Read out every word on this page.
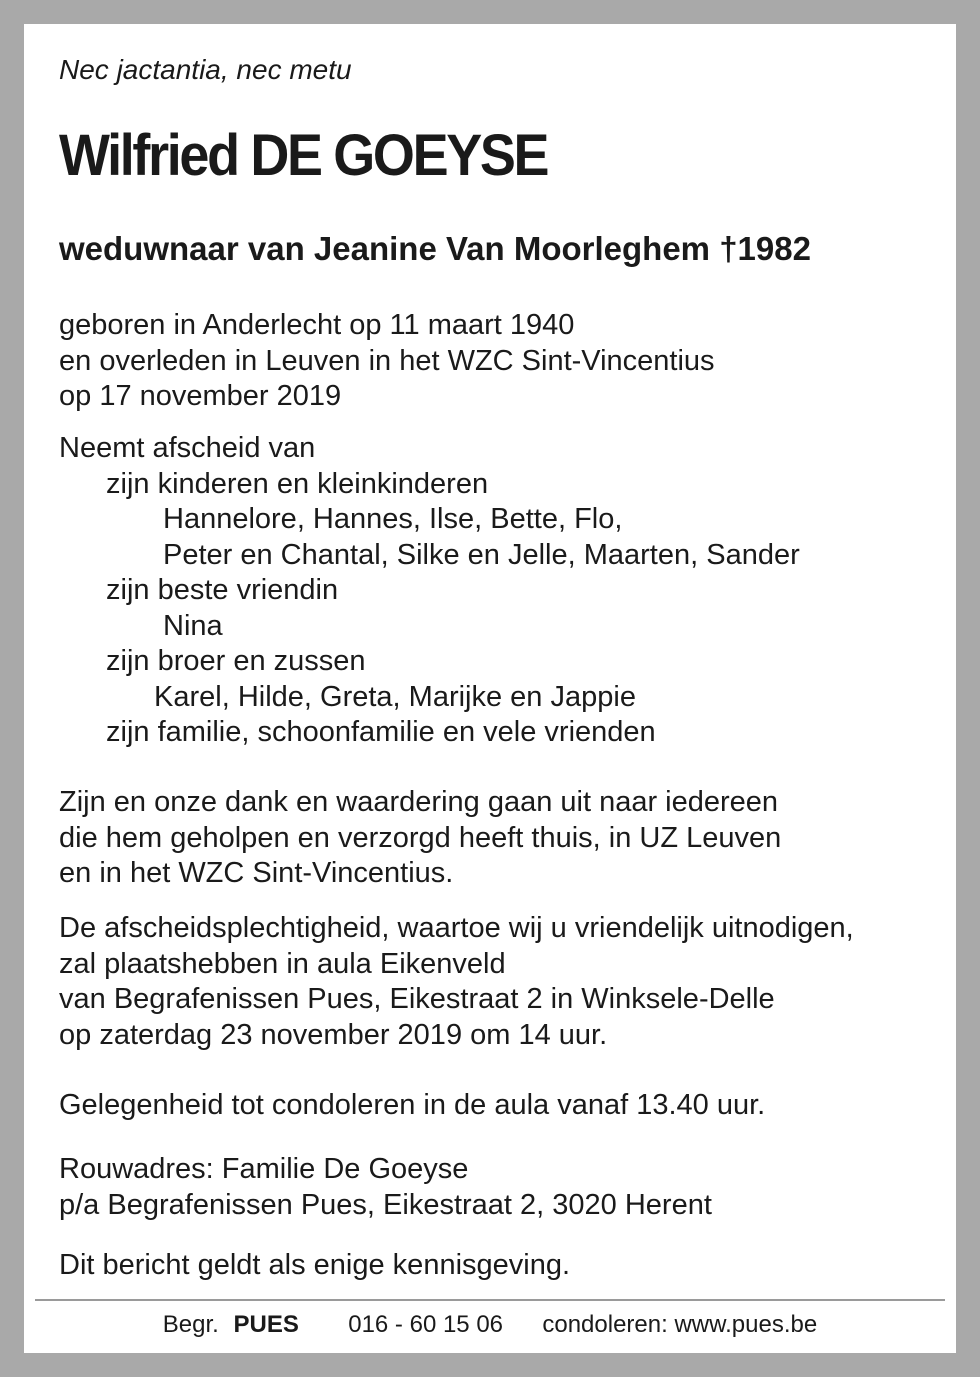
Nec jactantia, nec metu
Wilfried DE GOEYSE
weduwnaar van Jeanine Van Moorleghem †1982
geboren in Anderlecht op 11 maart 1940
en overleden in Leuven in het WZC Sint-Vincentius
op 17 november 2019
Neemt afscheid van
zijn kinderen en kleinkinderen
Hannelore, Hannes, Ilse, Bette, Flo,
Peter en Chantal, Silke en Jelle, Maarten, Sander
zijn beste vriendin
Nina
zijn broer en zussen
Karel, Hilde, Greta, Marijke en Jappie
zijn familie, schoonfamilie en vele vrienden
Zijn en onze dank en waardering gaan uit naar iedereen
die hem geholpen en verzorgd heeft thuis, in UZ Leuven
en in het WZC Sint-Vincentius.
De afscheidsplechtigheid, waartoe wij u vriendelijk uitnodigen,
zal plaatshebben in aula Eikenveld
van Begrafenissen Pues, Eikestraat 2 in Winksele-Delle
op zaterdag 23 november 2019 om 14 uur.
Gelegenheid tot condoleren in de aula vanaf 13.40 uur.
Rouwadres: Familie De Goeyse
p/a Begrafenissen Pues, Eikestraat 2, 3020 Herent
Dit bericht geldt als enige kennisgeving.
Begr. PUES 016 - 60 15 06 condoleren: www.pues.be
